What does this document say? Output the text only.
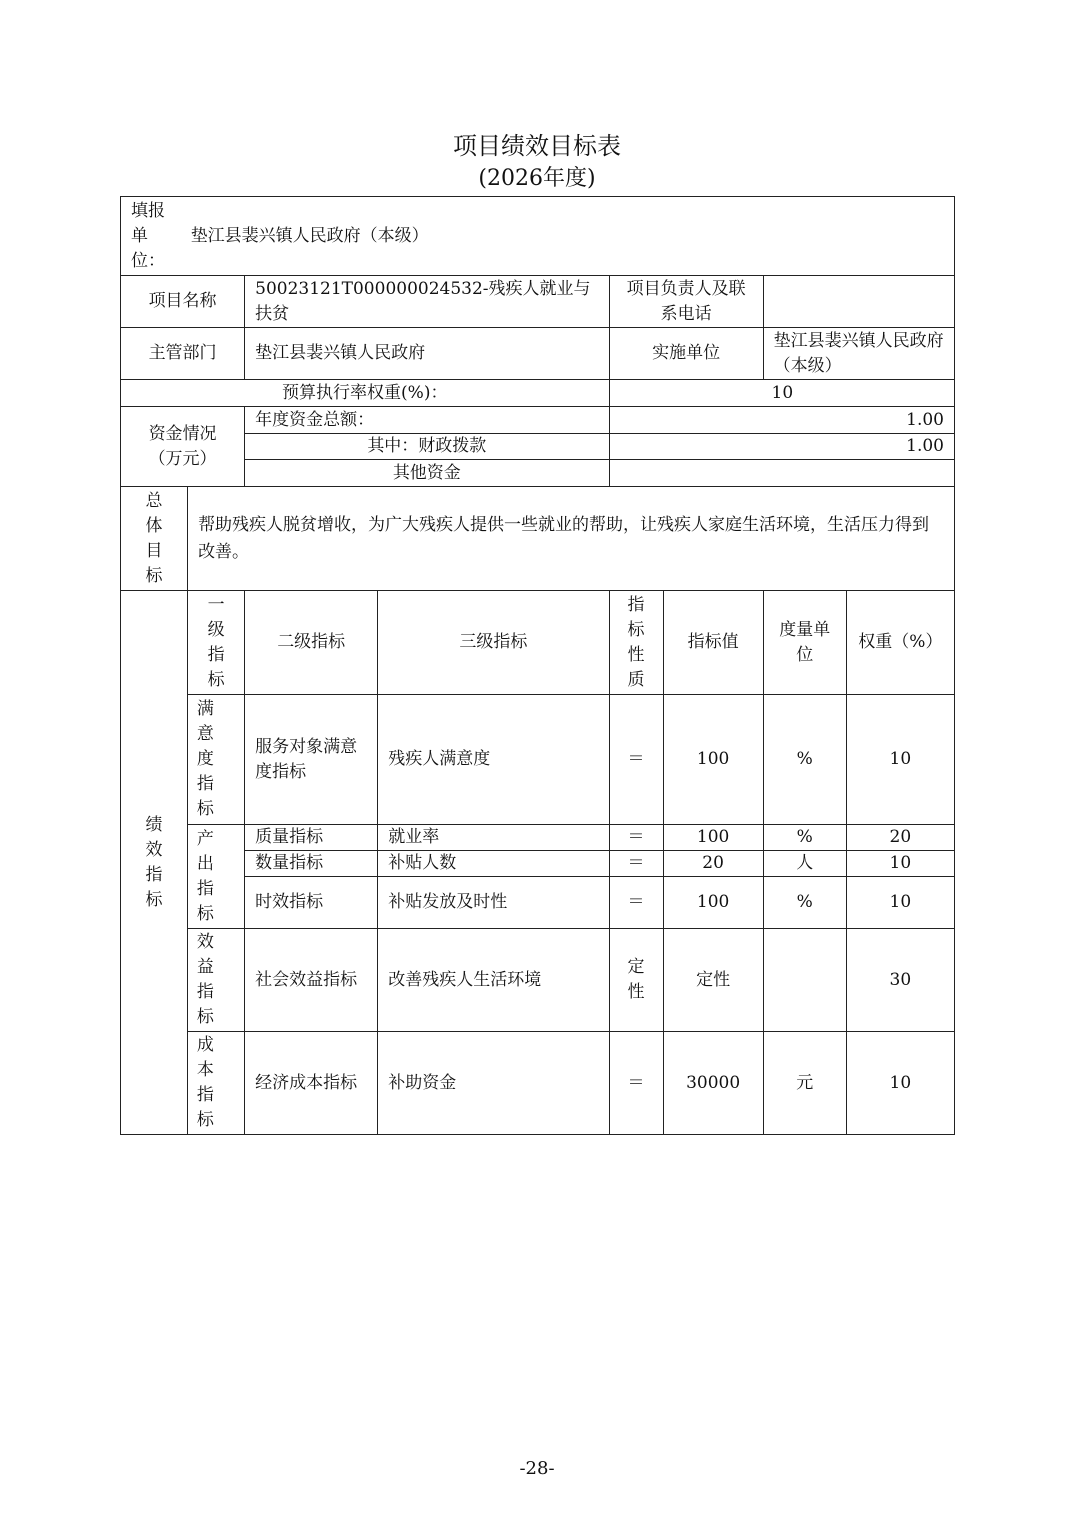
项目绩效目标表
(2026年度)
填报单位：
垫江县裴兴镇人民政府（本级）							

项目名称		50023121T000000024532-残疾人就业与扶贫		项目负责人及联系电话			
主管部门		垫江县裴兴镇人民政府		实施单位		垫江县裴兴镇人民政府（本级）	
预算执行率权重(%)：				10			
资金情况（万元）		年度资金总额：		1.00			
		其中：财政拨款		1.00			
		其他资金					
总体目标	帮助残疾人脱贫增收，为广大残疾人提供一些就业的帮助，让残疾人家庭生活环境，生活压力得到改善。						
绩效指标	一级指标	二级指标	三级指标	指标性质	指标值	度量单位	权重（%）
	满意度指标	服务对象满意度指标	残疾人满意度	＝	100	%	10
	产出指标	质量指标	就业率	＝	100	%	20
		数量指标	补贴人数	＝	20	人	10
		时效指标	补贴发放及时性	＝	100	%	10
	效益指标	社会效益指标	改善残疾人生活环境	定性	定性		30
	成本指标	经济成本指标	补助资金	＝	30000	元	10
-28-
